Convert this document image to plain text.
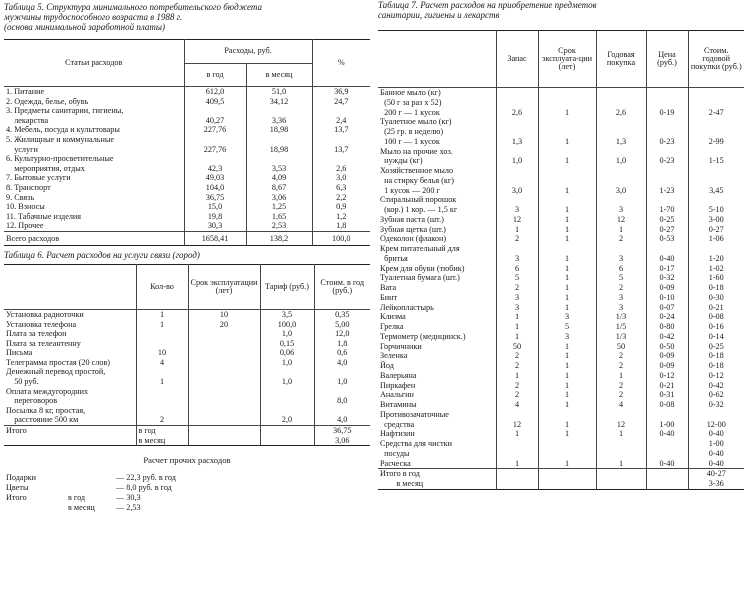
Таблица 5. Структура минимального потребительского бюджета
мужчины трудоспособного возраста в 1988 г.
(основа минимальной заработной платы)
Статьи расходов	Расходы, руб.		%
	в год	в месяц	
1. Питание	612,0	51,0	36,9
2. Одежда, белье, обувь	409,5	34,12	24,7
3. Предметы санитарии, гигиены,			
лекарства	40,27	3,36	2,4
4. Мебель, посуда и культтовары	227,76	18,98	13,7
5. Жилищные и коммунальные			
услуги	227,76	18,98	13,7
6. Культурно-просветительные			
мероприятия, отдых	42,3	3,53	2,6
7. Бытовые услуги	49,03	4,09	3,0
8. Транспорт	104,0	8,67	6,3
9. Связь	36,75	3,06	2,2
10. Взносы	15,0	1,25	0,9
11. Табачные изделия	19,8	1,65	1,2
12. Прочее	30,3	2,53	1,8
Всего расходов	1658,41	138,2	100,0
Таблица 6. Расчет расходов на услуги связи (город)
	Кол-во	Срок эксплуатации (лет)	Тариф (руб.)	Стоим. в год (руб.)
Установка радиоточки	1	10	3,5	0,35
Установка телефона	1	20	100,0	5,00
Плата за телефон			1,0	12,0
Плата за телеантенну			0,15	1,8
Письма	10		0,06	0,6
Телеграмма простая (20 слов)	4		1,0	4,0
Денежный перевод простой,				
50 руб.	1		1,0	1,0
Оплата междугородних				
переговоров				8,0
Посылка 8 кг, простая,				
расстояние 500 км	2		2,0	4,0
Итого	в год			36,75
	в месяц			3,06
Расчет прочих расходов
Подарки		— 22,3 руб. в год
Цветы		— 8,0 руб. в год
Итого	в год	— 30,3
	в месяц	— 2,53
Таблица 7. Расчет расходов на приобретение предметов
санитарии, гигиены и лекарств
	Запас	Срок эксплуата-ции (лет)	Годовая покупка	Цена (руб.)	Стоим. годовой покупки (руб.)
Банное мыло (кг)					
(50 г за раз х 52)					
200 г — 1 кусок	2,6	1	2,6	0-19	2-47
Туалетное мыло (кг)					
(25 гр. в неделю)					
100 г — 1 кусок	1,3	1	1,3	0-23	2-99
Мыло на прочие хоз.					
нужды (кг)	1,0	1	1,0	0-23	1-15
Хозяйственное мыло					
на стирку белья (кг)					
1 кусок — 200 г	3,0	1	3,0	1-23	3,45
Стиральный порошок					
(кор.) 1 кор. — 1,5 кг	3	1	3	1-70	5-10
Зубная паста (шт.)	12	1	12	0-25	3-00
Зубная щетка (шт.)	1	1	1	0-27	0-27
Одеколон (флакон)	2	1	2	0-53	1-06
Крем питательный для					
бритья	3	1	3	0-40	1-20
Крем для обуви (тюбик)	6	1	6	0-17	1-02
Туалетная бумага (шт.)	5	1	5	0-32	1-60
Вата	2	1	2	0-09	0-18
Бинт	3	1	3	0-10	0-30
Лейкопластырь	3	1	3	0-07	0-21
Клизма	1	3	1/3	0-24	0-08
Грелка	1	5	1/5	0-80	0-16
Термометр (медицинск.)	1	3	1/3	0-42	0-14
Горчичники	50	1	50	0-50	0-25
Зеленка	2	1	2	0-09	0-18
Йод	2	1	2	0-09	0-18
Валерьяна	1	1	1	0-12	0-12
Пиркафен	2	1	2	0-21	0-42
Анальгин	2	1	2	0-31	0-62
Витамины	4	1	4	0-08	0-32
Противозачаточные					
средства	12	1	12	1-00	12-00
Нафтизин	1	1	1	0-40	0-40
Средства для чистки					1-00
посуды					0-40
Расческа	1	1	1	0-40	0-40
Итого в год					40-27
в месяц					3-36
